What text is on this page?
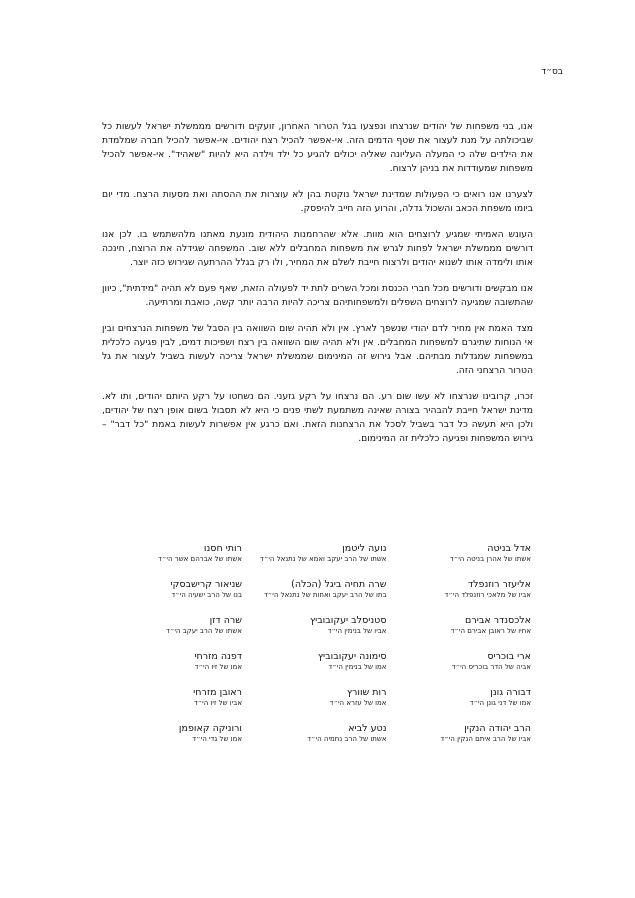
בס״ד

אנו, בני משפחות של יהודים שנרצחו ונפצעו בגל הטרור האחרון, זועקים ודורשים מממשלת ישראל לעשות כל שביכולתה על מנת לעצור את שטף הדמים הזה. אי-אפשר להכיל רצח יהודים. אי-אפשר להכיל חברה שמלמדת את הילדים שלה כי המעלה העליונה שאליה יכולים להגיע כל ילד וילדה היא להיות "שאהיד". אי-אפשר להכיל משפחות שמעודדות את בניהן לרצוח.

לצערנו אנו רואים כי הפעולות שמדינת ישראל נוקטת בהן לא עוצרות את ההסתה ואת מסעות הרצח. מדי יום ביומו משפחת הכאב והשכול גדלה, והרוע הזה חייב להיפסק.

העונש האמיתי שמגיע לרוצחים הוא מוות. אלא שהרחמנות היהודית מונעת מאתנו מלהשתמש בו. לכן אנו דורשים מממשלת ישראל לפחות לגרש את משפחות המחבלים ללא שוב. המשפחה שגידלה את הרוצח, חינכה אותו ולימדה אותו לשנוא יהודים ולרצוח חייבת לשלם את המחיר, ולו רק בגלל ההרתעה שגירוש כזה יוצר.

אנו מבקשים ודורשים מכל חברי הכנסת ומכל השרים לתת יד לפעולה הזאת, שאף פעם לא תהיה "מידתית", כיוון שהתשובה שמגיעה לרוצחים השפלים ולמשפחותיהם צריכה להיות הרבה יותר קשה, כואבת ומרתיעה.

מצד האמת אין מחיר לדם יהודי שנשפך לארץ. אין ולא תהיה שום השוואה בין הסבל של משפחות הנרצחים ובין אי הנוחות שתיגרם למשפחות המחבלים. אין ולא תהיה שום השוואה בין רצח ושפיכות דמים, לבין פגיעה כלכלית במשפחות שמגדלות מבתיהם. אבל גירוש זה המינימום שממשלת ישראל צריכה לעשות בשביל לעצור את גל הטרור הרצחני הזה.

זכרו, קרובינו שנרצחו לא עשו שום רע. הם נרצחו על רקע גזעני. הם נשחטו על רקע היותם יהודים, ותו לא. מדינת ישראל חייבת להבהיר בצורה שאינה משתמעת לשתי פנים כי היא לא תסבול בשום אופן רצח של יהודים, ולכן היא תעשה כל דבר בשביל לסכל את הרצחנות הזאת. ואם כרגע אין אפשרות לעשות באמת "כל דבר" – גירוש המשפחות ופגיעה כלכלית זה המינימום.

אדל בניטה
אשתו של אהרן בניטה הי״ד
אליעזר רוזנפלד
אביו של מלאכי רוזנפלד הי״ד
אלכסנדר אבירם
אחיו של ראובן אבירם הי״ד
ארי בוכריס
אביה של הדר בוכריס הי״ד
דבורה גונן
אמו של דני גונן הי״ד
הרב יהודה הנקין
אביו של הרב איתם הנקין הי״ד
נועה ליטמן
אשתו של הרב יעקב ואמא של נתנאל הי״ד
שרה תחיה ביגל (הכלה)
בתו של הרב יעקב ואחות של נתנאל הי״ד
סטניסלב יעקובוביץ
אביו של בנימין הי״ד
סימונה יעקובוביץ
אמו של בנימין הי״ד
רות שוורץ
אמו של עזרא הי״ד
נטע לביא
אשתו של הרב נחמיה הי״ד
רותי חסנו
אשתו של אברהם אשר הי״ד
שניאור קרישבסקי
בנו של הרב ישעיה הי״ד
שרה דזן
אשתו של הרב יעקב הי״ד
דפנה מזרחי
אמו של זיו הי״ד
ראובן מזרחי
אביו של זיו הי״ד
ורוניקה קאופמן
אמו של גדי הי״ד
